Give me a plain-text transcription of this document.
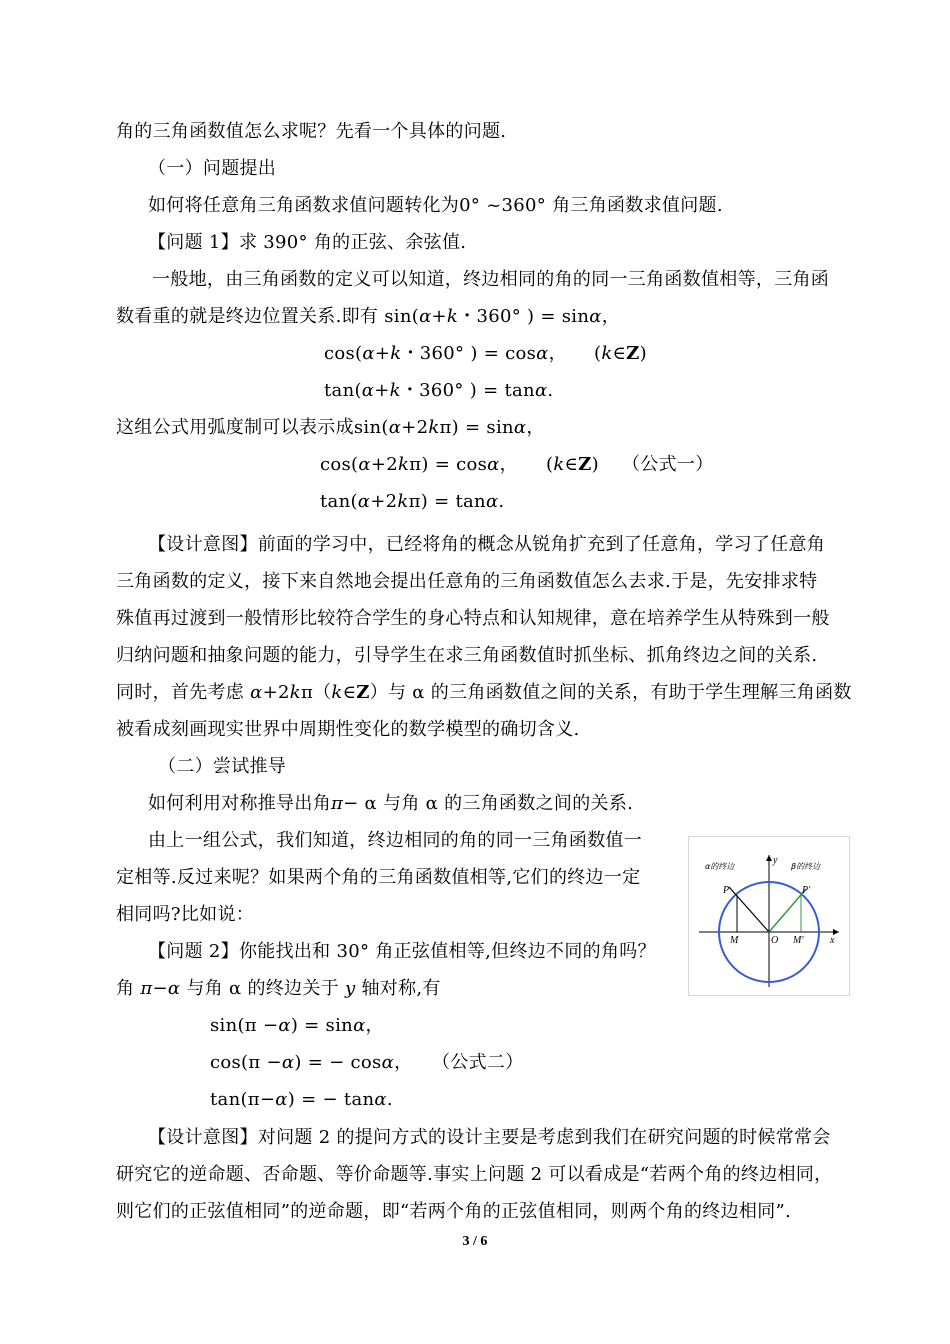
角的三角函数值怎么求呢？先看一个具体的问题.
（一）问题提出
如何将任意角三角函数求值问题转化为0° ~360° 角三角函数求值问题.
【问题 1】求 390° 角的正弦、余弦值.
一般地，由三角函数的定义可以知道，终边相同的角的同一三角函数值相等，三角函
数看重的就是终边位置关系.即有 sin(α+k・360° ) = sinα，
cos(α+k・360° ) = cosα， (k∈Z)
tan(α+k・360° ) = tanα.
这组公式用弧度制可以表示成sin(α+2kπ) = sinα，
cos(α+2kπ) = cosα， (k∈Z) （公式一）
tan(α+2kπ) = tanα.
【设计意图】前面的学习中，已经将角的概念从锐角扩充到了任意角，学习了任意角
三角函数的定义，接下来自然地会提出任意角的三角函数值怎么去求.于是，先安排求特
殊值再过渡到一般情形比较符合学生的身心特点和认知规律，意在培养学生从特殊到一般
归纳问题和抽象问题的能力，引导学生在求三角函数值时抓坐标、抓角终边之间的关系.
同时，首先考虑 α+2kπ（k∈Z）与 α 的三角函数值之间的关系，有助于学生理解三角函数
被看成刻画现实世界中周期性变化的数学模型的确切含义.
（二）尝试推导
如何利用对称推导出角π− α 与角 α 的三角函数之间的关系.
由上一组公式，我们知道，终边相同的角的同一三角函数值一
定相等.反过来呢？如果两个角的三角函数值相等,它们的终边一定
相同吗?比如说：
【问题 2】你能找出和 30° 角正弦值相等,但终边不同的角吗？
角 π−α 与角 α 的终边关于 y 轴对称,有
sin(π −α) = sinα，
cos(π −α) = − cosα， （公式二）
tan(π−α) = − tanα.
【设计意图】对问题 2 的提问方式的设计主要是考虑到我们在研究问题的时候常常会
研究它的逆命题、否命题、等价命题等.事实上问题 2 可以看成是“若两个角的终边相同，
则它们的正弦值相同”的逆命题，即“若两个角的正弦值相同，则两个角的终边相同”.
α的终边	β的终边
P	P′
M	M′
O	x
y
3 / 6
